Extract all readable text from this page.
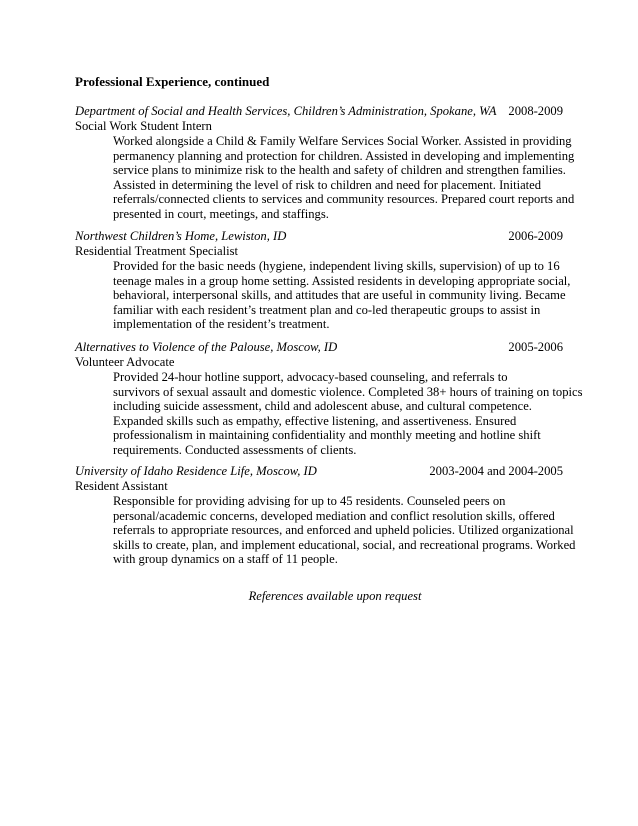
Professional Experience, continued
Department of Social and Health Services, Children’s Administration, Spokane, WA 2008-2009
Social Work Student Intern
Worked alongside a Child & Family Welfare Services Social Worker. Assisted in providing
permanency planning and protection for children. Assisted in developing and implementing
service plans to minimize risk to the health and safety of children and strengthen families.
Assisted in determining the level of risk to children and need for placement. Initiated
referrals/connected clients to services and community resources. Prepared court reports and
presented in court, meetings, and staffings.
Northwest Children’s Home, Lewiston, ID	2006-2009
Residential Treatment Specialist
Provided for the basic needs (hygiene, independent living skills, supervision) of up to 16
teenage males in a group home setting. Assisted residents in developing appropriate social,
behavioral, interpersonal skills, and attitudes that are useful in community living. Became
familiar with each resident’s treatment plan and co-led therapeutic groups to assist in
implementation of the resident’s treatment.
Alternatives to Violence of the Palouse, Moscow, ID	2005-2006
Volunteer Advocate
Provided 24-hour hotline support, advocacy-based counseling, and referrals to
survivors of sexual assault and domestic violence. Completed 38+ hours of training on topics
including suicide assessment, child and adolescent abuse, and cultural competence.
Expanded skills such as empathy, effective listening, and assertiveness. Ensured
professionalism in maintaining confidentiality and monthly meeting and hotline shift
requirements. Conducted assessments of clients.
University of Idaho Residence Life, Moscow, ID	2003-2004 and 2004-2005
Resident Assistant
Responsible for providing advising for up to 45 residents. Counseled peers on
personal/academic concerns, developed mediation and conflict resolution skills, offered
referrals to appropriate resources, and enforced and upheld policies. Utilized organizational
skills to create, plan, and implement educational, social, and recreational programs. Worked
with group dynamics on a staff of 11 people.
References available upon request
